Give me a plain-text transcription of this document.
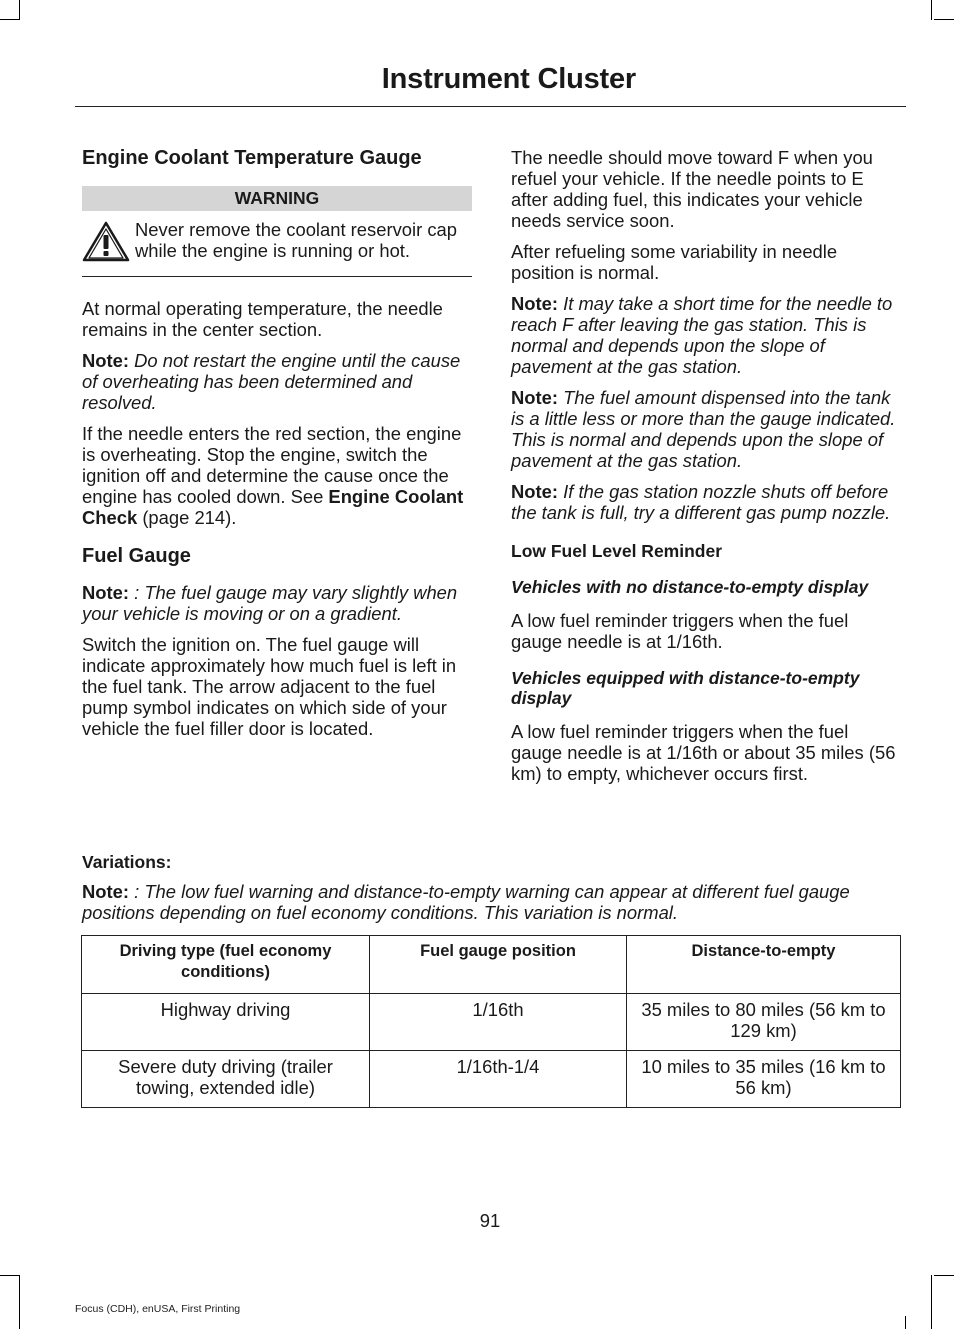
Instrument Cluster
Engine Coolant Temperature Gauge
WARNING

Never remove the coolant reservoir cap while the engine is running or hot.

At normal operating temperature, the needle remains in the center section.

Note: Do not restart the engine until the cause of overheating has been determined and resolved.

If the needle enters the red section, the engine is overheating. Stop the engine, switch the ignition off and determine the cause once the engine has cooled down. See Engine Coolant Check (page 214).

Fuel Gauge

Note: : The fuel gauge may vary slightly when your vehicle is moving or on a gradient.

Switch the ignition on. The fuel gauge will indicate approximately how much fuel is left in the fuel tank. The arrow adjacent to the fuel pump symbol indicates on which side of your vehicle the fuel filler door is located.

The needle should move toward F when you refuel your vehicle. If the needle points to E after adding fuel, this indicates your vehicle needs service soon.

After refueling some variability in needle position is normal.

Note: It may take a short time for the needle to reach F after leaving the gas station. This is normal and depends upon the slope of pavement at the gas station.

Note: The fuel amount dispensed into the tank is a little less or more than the gauge indicated. This is normal and depends upon the slope of pavement at the gas station.

Note: If the gas station nozzle shuts off before the tank is full, try a different gas pump nozzle.

Low Fuel Level Reminder
Vehicles with no distance-to-empty display

A low fuel reminder triggers when the fuel gauge needle is at 1/16th.

Vehicles equipped with distance-to-empty display

A low fuel reminder triggers when the fuel gauge needle is at 1/16th or about 35 miles (56 km) to empty, whichever occurs first.

Variations:

Note: : The low fuel warning and distance-to-empty warning can appear at different fuel gauge positions depending on fuel economy conditions. This variation is normal.

Driving type (fuel economy conditions)	Fuel gauge position	Distance-to-empty
Highway driving	1/16th	35 miles to 80 miles (56 km to 129 km)
Severe duty driving (trailer towing, extended idle)	1/16th-1/4	10 miles to 35 miles (16 km to 56 km)
91
Focus (CDH), enUSA, First Printing
